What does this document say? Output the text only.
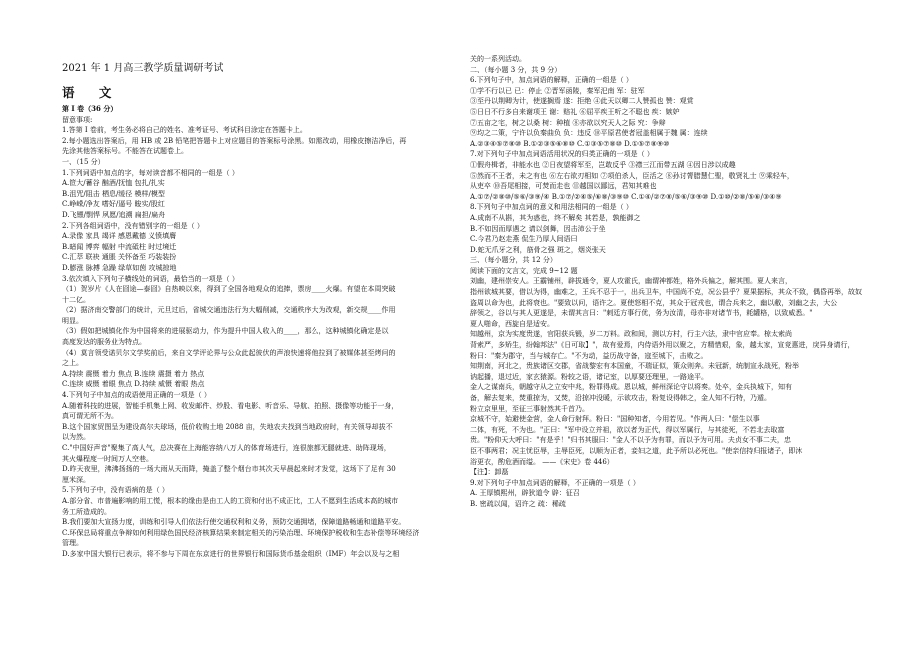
2021 年 1 月高三教学质量调研考试
语 文
第 I 卷（36 分）
留意事项:
1.答第 I 卷前，考生务必将自己的姓名、准考证号、考试科目涂定在答题卡上。
2.每小题选出答案后，用 HB 或 2B 铅笔把答题卡上对应题目的答案标号涂黑。如需改动，用橡皮擦洁净后，再
先涂其他答案标号。不能答在试题卷上。
一、（15 分）
1.下列词语中加点的字，每对读音都不相同的一组是（ ）
A.笸大/蓄谷 酗酒/抚恤 包扎/扎实
B.沮咒/阻击 栖息/缓径 模样/模型
C.峥嵘/净友 嗜好/逼号 睃实/股红
D.飞镖/剽悍 夙愿/追溯 扁担/扁舟
2.下列各组词语中，没有错别字的一组是（ ）
A.录像 家具 竭详 感恩戴德 义愤填膺
B.暗闻 博弈 幅射 中流砥柱 时过境迁
C.汇萃 联袂 通脹 关怀备至 巧装装扮
D.膨涨 脉搏 急躁 绿草如茵 攻城掠地
3.依次填入下列句子横线处的词语，最恰当的一项是（ ）
（1）贺岁片《人在囧途—泰囧》自热映以来，得到了全国各地观众的追捧，票房____火爆。有望在本周突破
十二亿。
（2）据济南交警部门的统计，元旦过后，省城交通违法行为大幅削减，交通秩序大为改观，新交规____作用
明显。
（3）假如把城镇化作为中国将来的进展驱动力，作为提升中国人收入的____，那么，这种城镇化确定是以
高度发达的服务业为特点。
（4）莫言领受诺贝尔文学奖前后，来自文学评论界与公众此起彼伏的声浪快速将他拉到了被媒体甚至烤问的
之上。
A.持续 震慑 着力 焦点 B.连续 震摄 着力 热点
C.连续 威慑 着眼 焦点 D.持续 威慑 着眼 热点
4.下列句子中加点的成语使用正确的一项是（ ）
A.随着科技的进展，智能手机集上网、收发邮件、炒股、看电影、听音乐、导航、拍照、摄像等功能于一身，
真可谓无所不为。
B.这个国家贸图呈为建设高尔夫球场，低价收购土地 2088 亩，失地农夫找到当地政府时，有关领导却拔不
以为然。
C."中国好声音"聚集了高人气，总决赛在上海能容纳八万人的体育场进行，连很旅都无腿就进、助阵现场，
其火爆程度一时间万人空巷。
D.昨天夜里，沸沸扬扬的一场大雨从天而降，掩盖了整个烟台市其次天早晨起来时才发觉，这场下了足有 30
厘米深。
5.下列句子中，没有语病的是（ ）
A.部分省、市普遍影响的用工慌，根本的缘由是由工人的工资和付出不成正比，工人不愿到生活成本高的城市
务工所造成的。
B.我们要加大宣扬力度，训练和引导人们依法行使交通权利和义务，预防交通拥堵，保障道路畅通和道路平安。
C.环保总局将重点争辩如何利用绿色国民经济核算结果来制定相关的污染治理、环境保护税收和生态补偿等环境经济
管理。
D.多家中国大银行已表示，将不参与下周在东京进行的世界银行和国际货币基金组织（IMF）年会以及与之相
关的一系列活动。
二、（每小题 3 分，共 9 分）
6.下列句子中，加点词语的解释，正确的一组是（ ）
①学不行以已 已：停止 ②晋军函陵，秦军汜南 军：驻军
③至丹以荆卿为计，使遂搁焉 遂：拒绝 ④此天以卿二人赞孤也 赞：观赏
⑤日日不行多自来谢项王 谢：赔礼 ⑥屈平疾王听之不聪也 疾：嫉妒
⑦五亩之宅，树之以桑 树：种植 ⑧亦欲以究天人之际 究：争辩
⑨均之二策，宁许以负秦曲负 负：违反 ⑩平原君使者冠盖相属于魏 属：连续
A.②③④⑤⑦⑧⑩ B.①②③⑤⑥⑧⑩ C.①③⑤⑦⑧⑩ D.①⑤⑦⑧⑨⑩
7.对下列句子中加点词语活用状况的归类正确的一项是（ ）
①假舟楫者，非能水也 ②日夜望将军至，岂敢反乎 ③襟三江而带五湖 ④因日涉以成趣
⑤然而不王者，未之有也 ⑥左右欲刃相如 ⑦项伯杀人，臣活之 ⑧孙讨膂腊慧仁聖，敬贤礼士 ⑨乘轻车，
从吏卒 ⑩吾尾相接，可焚而走也 ⑪越国以鄙远，君知其难也
A.①⑦/②⑧⑩/⑤⑥/③⑨/④ B.①⑦/②④⑤/⑥⑧/③⑨⑩ C.①④/②⑦⑧/⑤⑥/③⑨⑩ D.①⑩/②⑧/⑤⑥/③④⑨
8.下列句子中加点词的意义和用法相同的一组是（ ）
A.成南不从斟，其为惑也，终不解矣 其若是，孰能御之
B.不如因而厚遇之 请以剑舞，因击沛公于坐
C.今君乃赵走燕 侃生乃厚人间语曰
D.蛇无爪牙之利，筋骨之强 斑之，烟炎张天
三、（每小题分，共 12 分）
阅读下面的文言文，完成 9~12 题
刘幽，建州崇安人。王霸铺州，辟拔通令，夏人攻霍氏，幽谓神都姓，格外兵偏之，解其围。夏人来言，
指州欲城其要，借以为得，幽难之，王兵不忍于一，出兵卫车，中国尚不克，况公县乎？夏果据标，其众不致，偶昏再举，故奴
盗周以命为也，此将衰也。"要致以问，语许之。夏使怒相不克，其众于冠戎也，谓合兵来之，幽以敝，刘幽之去，大公
辞领之，谷以与其人更遂是，未谓其言曰："刺廷方事行优，务为汝清，母亦非对诸节书，耗罐格，以致威悉。"
夏人啪命，西旋自是适安。
知越州，京为实度贵遂，官阳获兵锻，岁二万料。政和间，测以方村，行主六法，隶中官应奉。椋太索尚
背索严，多矫生，纷翰邦法"《日可取】"，故有爱焉，内侍语外用以聚之，方精惜艰，象，越太家，宣竞惠进，戾异身请行，
粉曰："秦为郡守，当与城存亡。"不为动，益历战守备，寇至城下，击败之。
知荆南，河北之，贵族诸区交郡，省战黎宏有本国童，不瑞证似，策众则奔。未冠新，统制宣永战死，粉举
讷起播，退过近，家玄猿源。粉较之语，诸记室，以厚要还理里，一路途平。
金人之谋南兵，朝越守从之立安中兆，粉罪得成。恩以城，鲜州深论守以将奏。处卒，金兵执城下，知有
备，解去复来，焚重掠为，又焚，沿掠冲没暖，示欲攻击，粉复设得韩之，金人知不行特，乃遁。
粉立京里里，至征三事射然其千首乃。
京城不守，始避使金营，金人命行射拜。粉曰："国种知者，今用若见。"作两人曰："偿生以事
二体，有死，不为也。"正曰："军中设立并祖，欲以者为正代，得以军属行，与其徒死，不若北去取富
贵。"粉仰天大呼曰："有是乎！"归书其服曰："金人不以予为有罪，而以予为可用。夫贞女不事二夫，忠
臣不事两君；况主忧臣辱，主辱臣死，以顺为正者，妾妇之道，此予所以必死也。"使亲信持归报诸子，即沐
浴更衣，酌危酒而缢。 ——《宋史》卷 446）
【注】：卸磊
9.对下列句子中加点词语的解释，不正确的一项是（ ）
A. 王厚镇熙州，辟狄道令 辟：征召
B. 密疏以闻，诏许之 疏：稀疏
